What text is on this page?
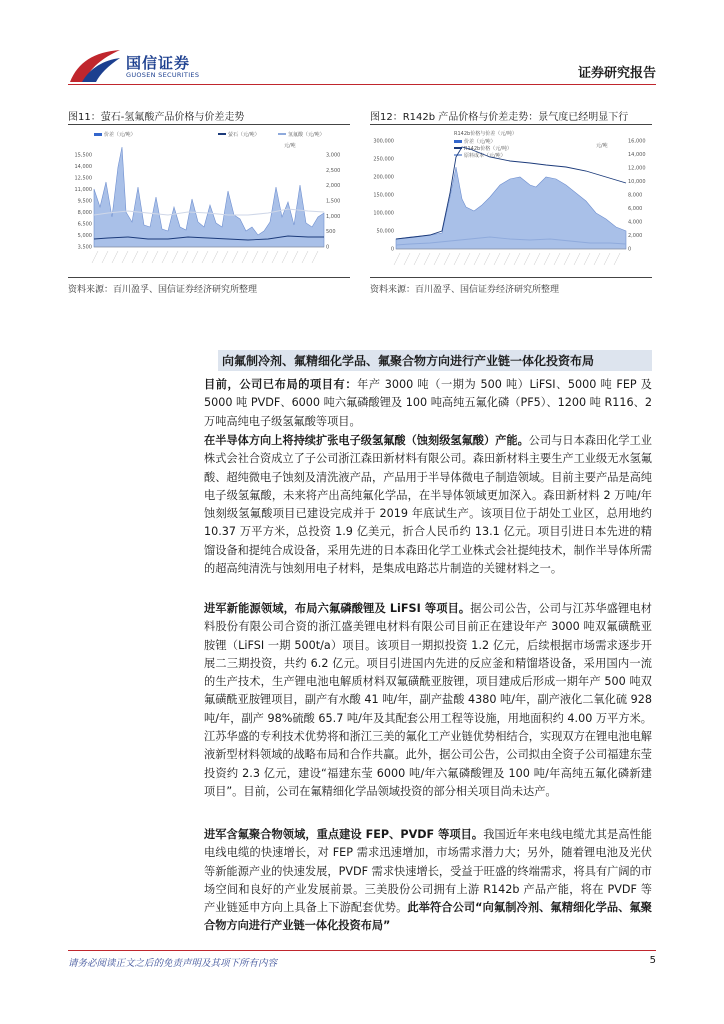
国信证券
GUOSEN SECURITIES	证券研究报告
图11：萤石-氢氟酸产品价格与价差走势
价差（元/吨）	萤石（元/吨）	氢氟酸（元/吨）
元/吨
15,500
14,000
12,500
11,000
9,500
8,000
6,500
5,000
3,500
3,000
2,500
2,000
1,500
1,000
500
0
资料来源：百川盈孚、国信证券经济研究所整理
图12：R142b 产品价格与价差走势：景气度已经明显下行
R142b价格与价差（元/吨）
价差（元/吨）
R142b价格（元/吨）
原料成本（元/吨）
元/吨
300,000
250,000
200,000
150,000
100,000
50,000
0
16,000
14,000
12,000
10,000
8,000
6,000
4,000
2,000
0
资料来源：百川盈孚、国信证券经济研究所整理
向氟制冷剂、氟精细化学品、氟聚合物方向进行产业链一体化投资布局
目前，公司已布局的项目有：年产 3000 吨（一期为 500 吨）LiFSI、5000 吨 FEP 及 5000 吨 PVDF、6000 吨六氟磷酸锂及 100 吨高纯五氟化磷（PF5）、1200 吨 R116、2 万吨高纯电子级氢氟酸等项目。
在半导体方向上将持续扩张电子级氢氟酸（蚀刻级氢氟酸）产能。公司与日本森田化学工业株式会社合资成立了子公司浙江森田新材料有限公司。森田新材料主要生产工业级无水氢氟酸、超纯微电子蚀刻及清洗液产品，产品用于半导体微电子制造领域。目前主要产品是高纯电子级氢氟酸，未来将产出高纯氟化学品，在半导体领域更加深入。森田新材料 2 万吨/年蚀刻级氢氟酸项目已建设完成并于 2019 年底试生产。该项目位于胡处工业区，总用地约 10.37 万平方米，总投资 1.9 亿美元，折合人民币约 13.1 亿元。项目引进日本先进的精馏设备和提纯合成设备，采用先进的日本森田化学工业株式会社提纯技术，制作半导体所需的超高纯清洗与蚀刻用电子材料，是集成电路芯片制造的关键材料之一。
进军新能源领域，布局六氟磷酸锂及 LiFSI 等项目。据公司公告，公司与江苏华盛锂电材料股份有限公司合资的浙江盛美锂电材料有限公司目前正在建设年产 3000 吨双氟磺酰亚胺锂（LiFSI 一期 500t/a）项目。该项目一期拟投资 1.2 亿元，后续根据市场需求逐步开展二三期投资，共约 6.2 亿元。项目引进国内先进的反应釜和精馏塔设备，采用国内一流的生产技术，生产锂电池电解质材料双氟磺酰亚胺锂，项目建成后形成一期年产 500 吨双氟磺酰亚胺锂项目，副产有水酸 41 吨/年，副产盐酸 4380 吨/年，副产液化二氧化硫 928 吨/年，副产 98%硫酸 65.7 吨/年及其配套公用工程等设施，用地面积约 4.00 万平方米。江苏华盛的专利技术优势将和浙江三美的氟化工产业链优势相结合，实现双方在锂电池电解液新型材料领域的战略布局和合作共赢。此外，据公司公告，公司拟由全资子公司福建东莹投资约 2.3 亿元，建设“福建东莹 6000 吨/年六氟磷酸锂及 100 吨/年高纯五氟化磷新建项目”。目前，公司在氟精细化学品领域投资的部分相关项目尚未达产。
进军含氟聚合物领域，重点建设 FEP、PVDF 等项目。我国近年来电线电缆尤其是高性能电线电缆的快速增长，对 FEP 需求迅速增加，市场需求潜力大；另外，随着锂电池及光伏等新能源产业的快速发展，PVDF 需求快速增长，受益于旺盛的终端需求，将具有广阔的市场空间和良好的产业发展前景。三美股份公司拥有上游 R142b 产品产能，将在 PVDF 等产业链延申方向上具备上下游配套优势。此举符合公司“向氟制冷剂、氟精细化学品、氟聚合物方向进行产业链一体化投资布局”
请务必阅读正文之后的免责声明及其项下所有内容	5
